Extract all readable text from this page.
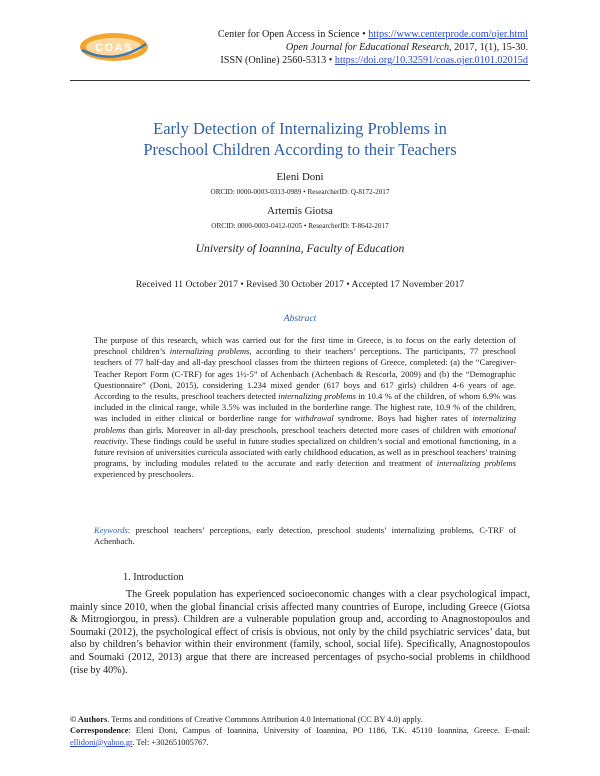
COAS
Center for Open Access in Science • https://www.centerprode.com/ojer.html
Open Journal for Educational Research, 2017, 1(1), 15-30.
ISSN (Online) 2560-5313 • https://doi.org/10.32591/coas.ojer.0101.02015d
Early Detection of Internalizing Problems in
Preschool Children According to their Teachers
Eleni Doni
ORCID: 0000-0003-0313-0989 • ResearcherID: Q-8172-2017
Artemis Giotsa
ORCID: 0000-0003-0412-0205 • ResearcherID: T-8642-2017
University of Ioannina, Faculty of Education
Received 11 October 2017 • Revised 30 October 2017 • Accepted 17 November 2017
Abstract
The purpose of this research, which was carried out for the first time in Greece, is to focus on the early detection of preschool children’s internalizing problems, according to their teachers’ perceptions. The participants, 77 preschool teachers of 77 half-day and all-day preschool classes from the thirteen regions of Greece, completed: (a) the “Caregiver-Teacher Report Form (C-TRF) for ages 1½-5” of Achenbach (Achenbach & Rescorla, 2009) and (b) the “Demographic Questionnaire” (Doni, 2015), considering 1.234 mixed gender (617 boys and 617 girls) children 4-6 years of age. According to the results, preschool teachers detected internalizing problems in 10.4 % of the children, of whom 6.9% was included in the clinical range, while 3.5% was included in the borderline range. The highest rate, 10.9 % of the children, was included in either clinical or borderline range for withdrawal syndrome. Boys had higher rates of internalizing problems than girls. Moreover in all-day preschools, preschool teachers detected more cases of children with emotional reactivity. These findings could be useful in future studies specialized on children’s social and emotional functioning, in a future revision of universities curricula associated with early childhood education, as well as in preschool teachers’ training programs, by including modules related to the accurate and early detection and treatment of internalizing problems experienced by preschoolers.
Keywords: preschool teachers’ perceptions, early detection, preschool students’ internalizing problems, C-TRF of Achenbach.
1. Introduction
The Greek population has experienced socioeconomic changes with a clear psychological impact, mainly since 2010, when the global financial crisis affected many countries of Europe, including Greece (Giotsa & Mitrogiorgou, in press). Children are a vulnerable population group and, according to Anagnostopoulos and Soumaki (2012), the psychological effect of crisis is obvious, not only by the child psychiatric services’ data, but also by children’s behavior within their environment (family, school, social life). Specifically, Anagnostopoulos and Soumaki (2012, 2013) argue that there are increased percentages of psycho-social problems in childhood (rise by 40%).
© Authors. Terms and conditions of Creative Commons Attribution 4.0 International (CC BY 4.0) apply.
Correspondence: Eleni Doni, Campus of Ioannina, University of Ioannina, PO 1186, T.K. 45110 Ioannina, Greece. E-mail: ellidoni@yahoo.gr. Tel: +302651005767.
